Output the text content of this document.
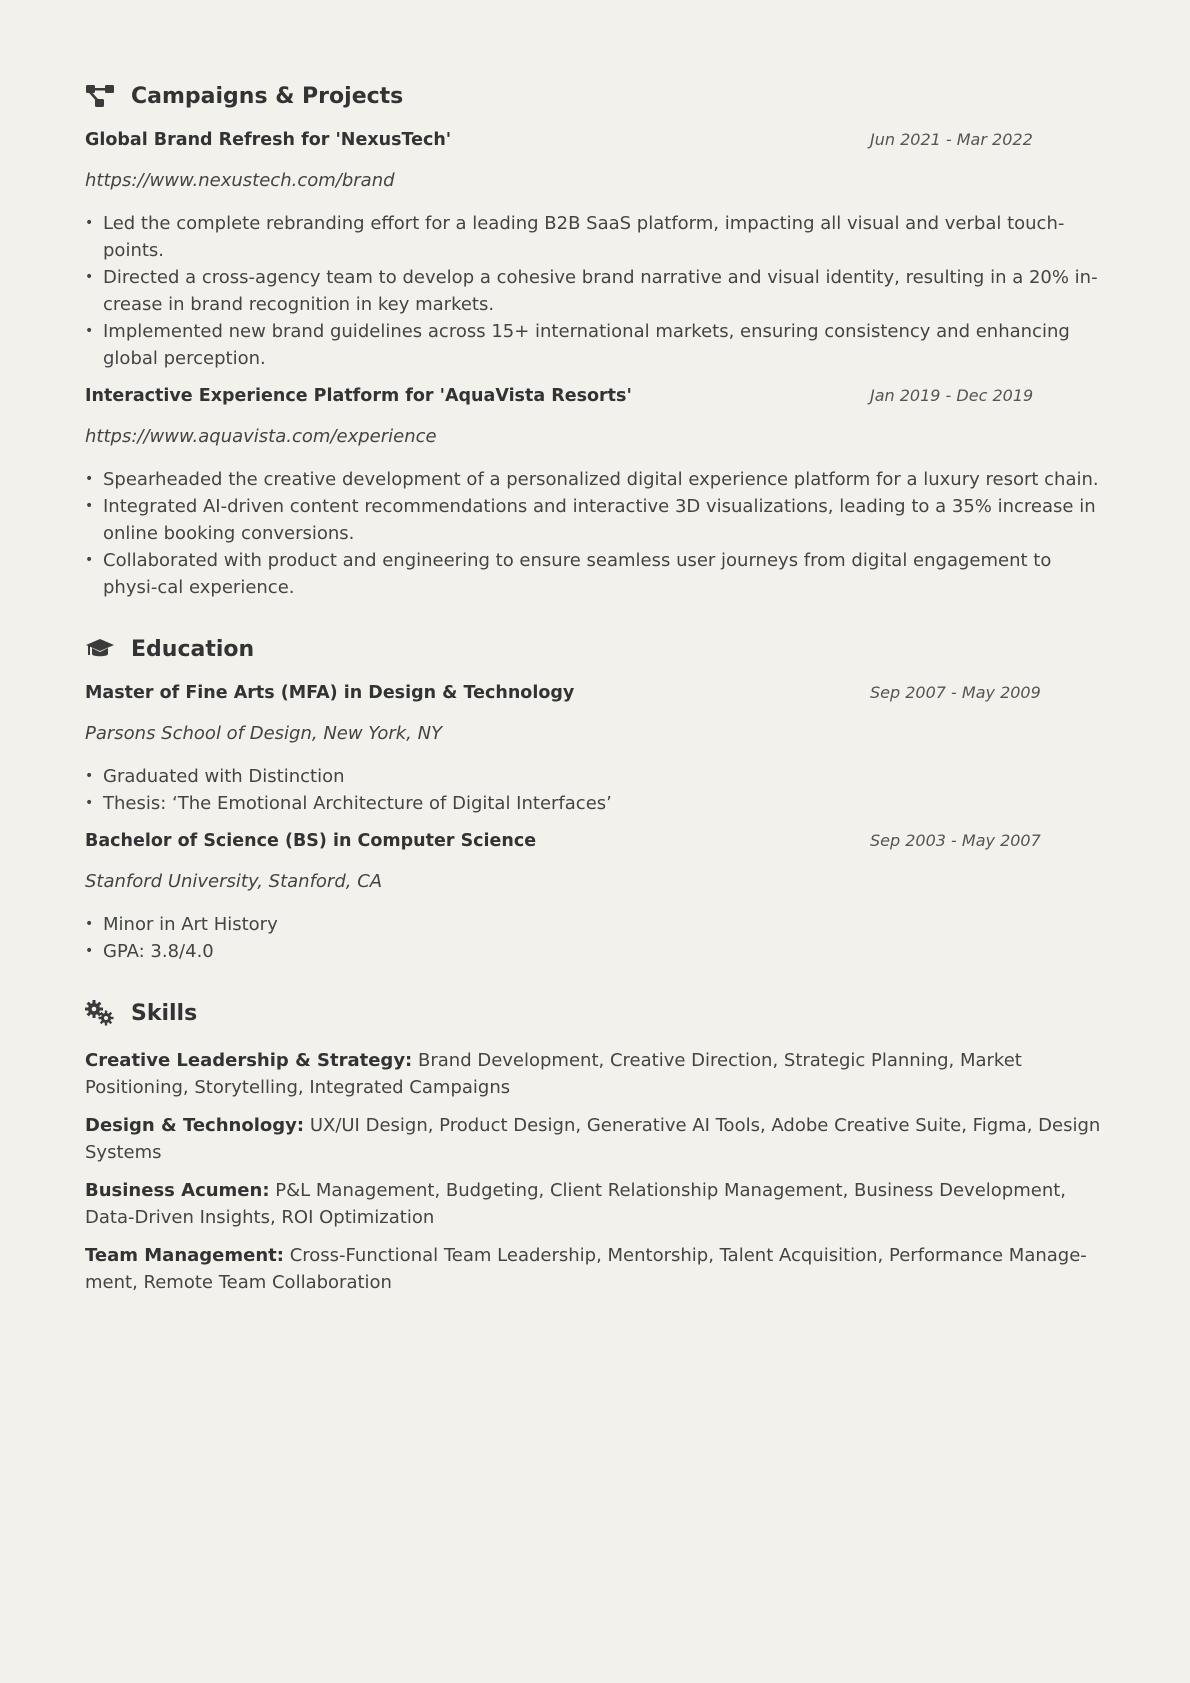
Campaigns & Projects
Global Brand Refresh for 'NexusTech'	Jun 2021 - Mar 2022
https://www.nexustech.com/brand
• Led the complete rebranding effort for a leading B2B SaaS platform, impacting all visual and verbal touch-points.
• Directed a cross-agency team to develop a cohesive brand narrative and visual identity, resulting in a 20% in-crease in brand recognition in key markets.
• Implemented new brand guidelines across 15+ international markets, ensuring consistency and enhancing global perception.
Interactive Experience Platform for 'AquaVista Resorts'	Jan 2019 - Dec 2019
https://www.aquavista.com/experience
• Spearheaded the creative development of a personalized digital experience platform for a luxury resort chain.
• Integrated AI-driven content recommendations and interactive 3D visualizations, leading to a 35% increase in online booking conversions.
• Collaborated with product and engineering to ensure seamless user journeys from digital engagement to physi-cal experience.
Education
Master of Fine Arts (MFA) in Design & Technology	Sep 2007 - May 2009
Parsons School of Design, New York, NY
• Graduated with Distinction
• Thesis: ‘The Emotional Architecture of Digital Interfaces’
Bachelor of Science (BS) in Computer Science	Sep 2003 - May 2007
Stanford University, Stanford, CA
• Minor in Art History
• GPA: 3.8/4.0
Skills
Creative Leadership & Strategy: Brand Development, Creative Direction, Strategic Planning, Market Positioning, Storytelling, Integrated Campaigns
Design & Technology: UX/UI Design, Product Design, Generative AI Tools, Adobe Creative Suite, Figma, Design Systems
Business Acumen: P&L Management, Budgeting, Client Relationship Management, Business Development, Data-Driven Insights, ROI Optimization
Team Management: Cross-Functional Team Leadership, Mentorship, Talent Acquisition, Performance Manage-ment, Remote Team Collaboration
